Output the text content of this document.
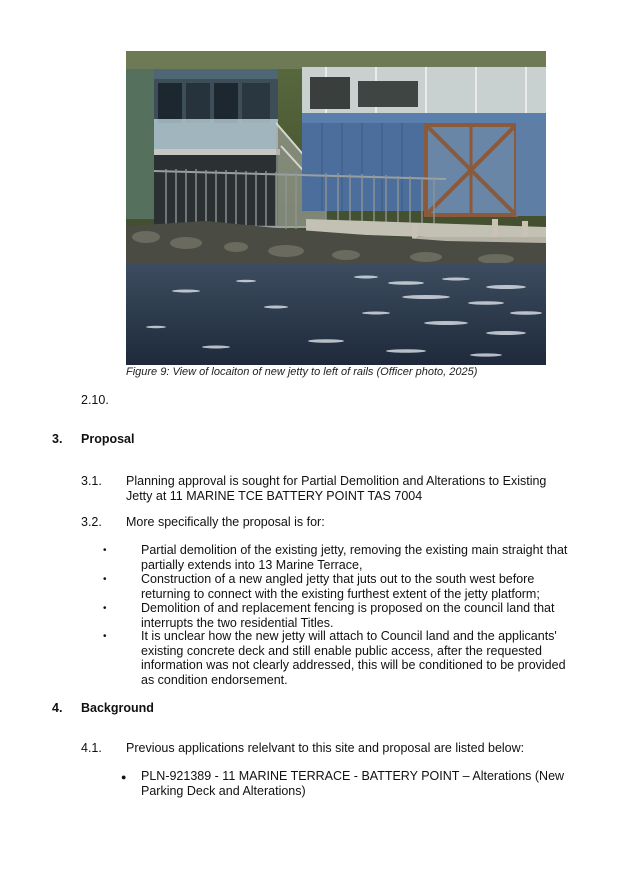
Figure 9: View of locaiton of new jetty to left of rails (Officer photo, 2025)
2.10.
3. Proposal
3.1. Planning approval is sought for Partial Demolition and Alterations to Existing
Jetty at 11 MARINE TCE BATTERY POINT TAS 7004
3.2. More specifically the proposal is for:
•	Partial demolition of the existing jetty, removing the existing main straight that
partially extends into 13 Marine Terrace,
•	Construction of a new angled jetty that juts out to the south west before
returning to connect with the existing furthest extent of the jetty platform;
•	Demolition of and replacement fencing is proposed on the council land that
interrupts the two residential Titles.
•	It is unclear how the new jetty will attach to Council land and the applicants'
existing concrete deck and still enable public access, after the requested
information was not clearly addressed, this will be conditioned to be provided
as condition endorsement.
4. Background
4.1. Previous applications relelvant to this site and proposal are listed below:
● PLN-921389 - 11 MARINE TERRACE - BATTERY POINT – Alterations (New
Parking Deck and Alterations)
